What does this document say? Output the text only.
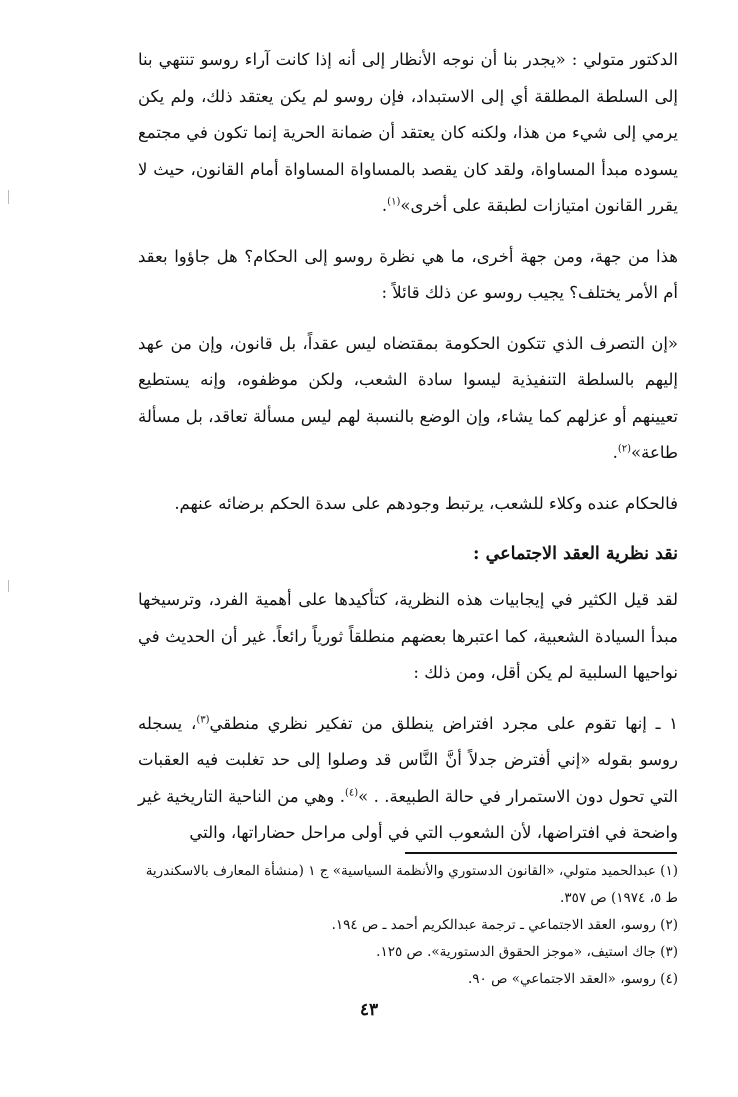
الدكتور متولي : «يجدر بنا أن نوجه الأنظار إلى أنه إذا كانت آراء روسو تنتهي بنا إلى السلطة المطلقة أي إلى الاستبداد، فإن روسو لم يكن يعتقد ذلك، ولم يكن يرمي إلى شيء من هذا، ولكنه كان يعتقد أن ضمانة الحرية إنما تكون في مجتمع يسوده مبدأ المساواة، ولقد كان يقصد بالمساواة المساواة أمام القانون، حيث لا يقرر القانون امتيازات لطبقة على أخرى»$^{(١)}$.

هذا من جهة، ومن جهة أخرى، ما هي نظرة روسو إلى الحكام؟ هل جاؤوا بعقد أم الأمر يختلف؟ يجيب روسو عن ذلك قائلاً :

«إن التصرف الذي تتكون الحكومة بمقتضاه ليس عقداً، بل قانون، وإن من عهد إليهم بالسلطة التنفيذية ليسوا سادة الشعب، ولكن موظفوه، وإنه يستطيع تعيينهم أو عزلهم كما يشاء، وإن الوضع بالنسبة لهم ليس مسألة تعاقد، بل مسألة طاعة»$^{(٢)}$.

فالحكام عنده وكلاء للشعب، يرتبط وجودهم على سدة الحكم برضائه عنهم.

نقد نظرية العقد الاجتماعي :

لقد قيل الكثير في إيجابيات هذه النظرية، كتأكيدها على أهمية الفرد، وترسيخها مبدأ السيادة الشعبية، كما اعتبرها بعضهم منطلقاً ثورياً رائعاً. غير أن الحديث في نواحيها السلبية لم يكن أقل، ومن ذلك :

١ ـ إنها تقوم على مجرد افتراض ينطلق من تفكير نظري منطقي$^{(٣)}$، يسجله روسو بقوله «إني أفترض جدلاً أنَّ النَّاس قد وصلوا إلى حد تغلبت فيه العقبات التي تحول دون الاستمرار في حالة الطبيعة. . »$^{(٤)}$. وهي من الناحية التاريخية غير واضحة في افتراضها، لأن الشعوب التي في أولى مراحل حضاراتها، والتي

(١) عبدالحميد متولي، «القانون الدستوري والأنظمة السياسية» ج ١ (منشأة المعارف بالاسكندرية ط ٥، ١٩٧٤) ص ٣٥٧.

(٢) روسو، العقد الاجتماعي ـ ترجمة عبدالكريم أحمد ـ ص ١٩٤.

(٣) جاك استيف، «موجز الحقوق الدستورية». ص ١٢٥.

(٤) روسو، «العقد الاجتماعي» ص ٩٠.

٤٣
